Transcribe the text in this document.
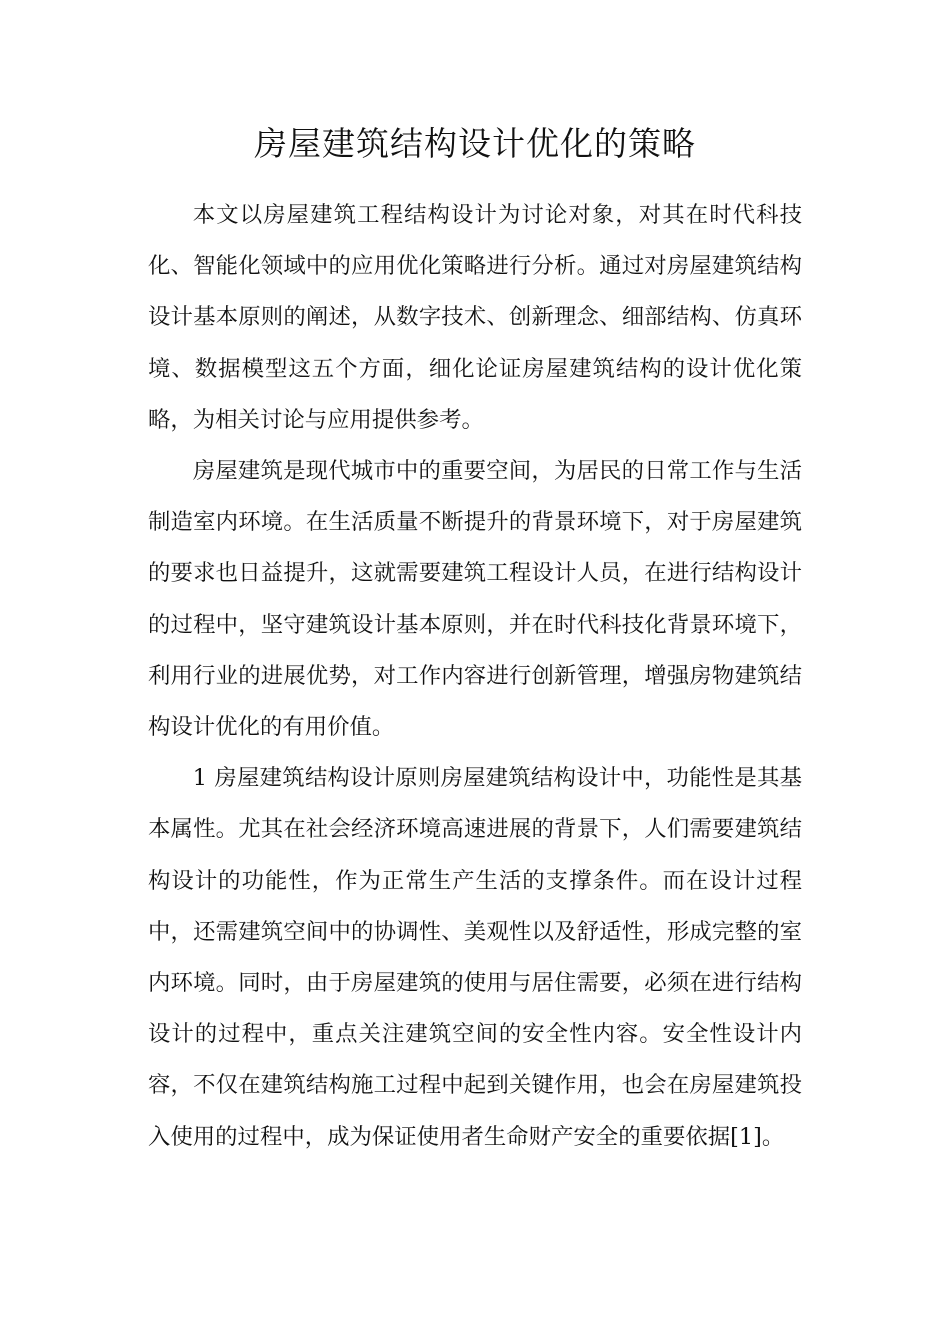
房屋建筑结构设计优化的策略

本文以房屋建筑工程结构设计为讨论对象，对其在时代科技化、智能化领域中的应用优化策略进行分析。通过对房屋建筑结构设计基本原则的阐述，从数字技术、创新理念、细部结构、仿真环境、数据模型这五个方面，细化论证房屋建筑结构的设计优化策略，为相关讨论与应用提供参考。

房屋建筑是现代城市中的重要空间，为居民的日常工作与生活制造室内环境。在生活质量不断提升的背景环境下，对于房屋建筑的要求也日益提升，这就需要建筑工程设计人员，在进行结构设计的过程中，坚守建筑设计基本原则，并在时代科技化背景环境下，利用行业的进展优势，对工作内容进行创新管理，增强房物建筑结构设计优化的有用价值。

1 房屋建筑结构设计原则房屋建筑结构设计中，功能性是其基本属性。尤其在社会经济环境高速进展的背景下，人们需要建筑结构设计的功能性，作为正常生产生活的支撑条件。而在设计过程中，还需建筑空间中的协调性、美观性以及舒适性，形成完整的室内环境。同时，由于房屋建筑的使用与居住需要，必须在进行结构设计的过程中，重点关注建筑空间的安全性内容。安全性设计内容，不仅在建筑结构施工过程中起到关键作用，也会在房屋建筑投入使用的过程中，成为保证使用者生命财产安全的重要依据[1]。
